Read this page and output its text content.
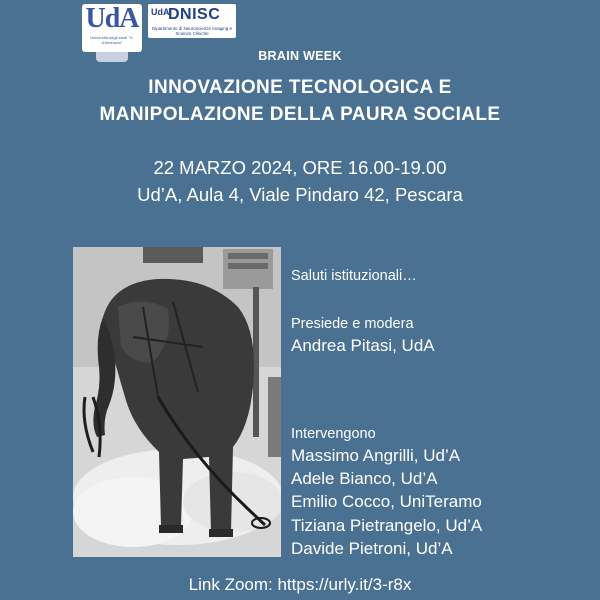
UdA
Università degli studi "G. d'Annunzio"
UdA
DNISC
Dipartimento di Neuroscienze Imaging e Scienze Cliniche
BRAIN WEEK
INNOVAZIONE TECNOLOGICA E
MANIPOLAZIONE DELLA PAURA SOCIALE
22 MARZO 2024, ORE 16.00-19.00
Ud’A, Aula 4, Viale Pindaro 42, Pescara
Saluti istituzionali…
Presiede e modera
Andrea Pitasi, UdA
Intervengono
Massimo Angrilli, Ud’A
Adele Bianco, Ud’A
Emilio Cocco, UniTeramo
Tiziana Pietrangelo, Ud’A
Davide Pietroni, Ud’A
Link Zoom: https://urly.it/3-r8x
